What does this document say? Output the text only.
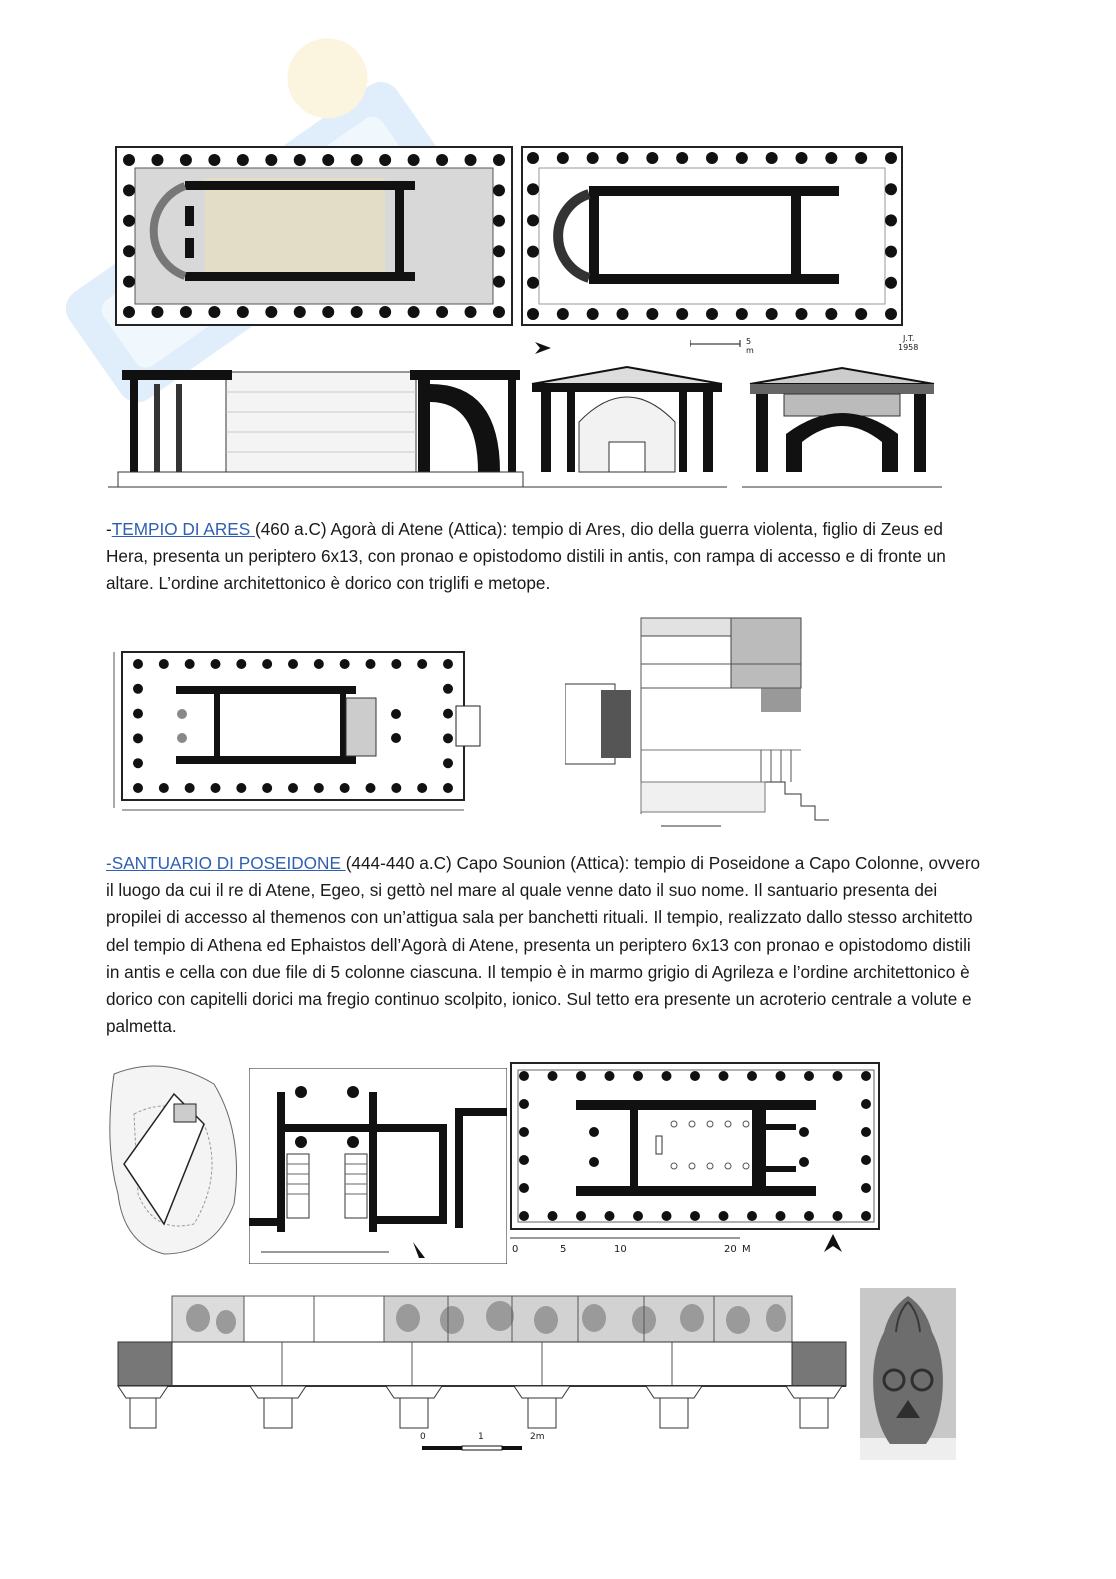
5 m
J.T.
1958

-TEMPIO DI ARES (460 a.C) Agorà di Atene (Attica): tempio di Ares, dio della guerra violenta, figlio di Zeus ed Hera, presenta un periptero 6x13, con pronao e opistodomo distili in antis, con rampa di accesso e di fronte un altare. L’ordine architettonico è dorico con triglifi e metope.

-SANTUARIO DI POSEIDONE (444-440 a.C) Capo Sounion (Attica): tempio di Poseidone a Capo Colonne, ovvero il luogo da cui il re di Atene, Egeo, si gettò nel mare al quale venne dato il suo nome. Il santuario presenta dei propilei di accesso al themenos con un’attigua sala per banchetti rituali. Il tempio, realizzato dallo stesso architetto del tempio di Athena ed Ephaistos dell’Agorà di Atene, presenta un periptero 6x13 con pronao e opistodomo distili in antis e cella con due file di 5 colonne ciascuna. Il tempio è in marmo grigio di Agrileza e l’ordine architettonico è dorico con capitelli dorici ma fregio continuo scolpito, ionico. Sul tetto era presente un acroterio centrale a volute e palmetta.

0	5	10	20 M
0	1	2m
